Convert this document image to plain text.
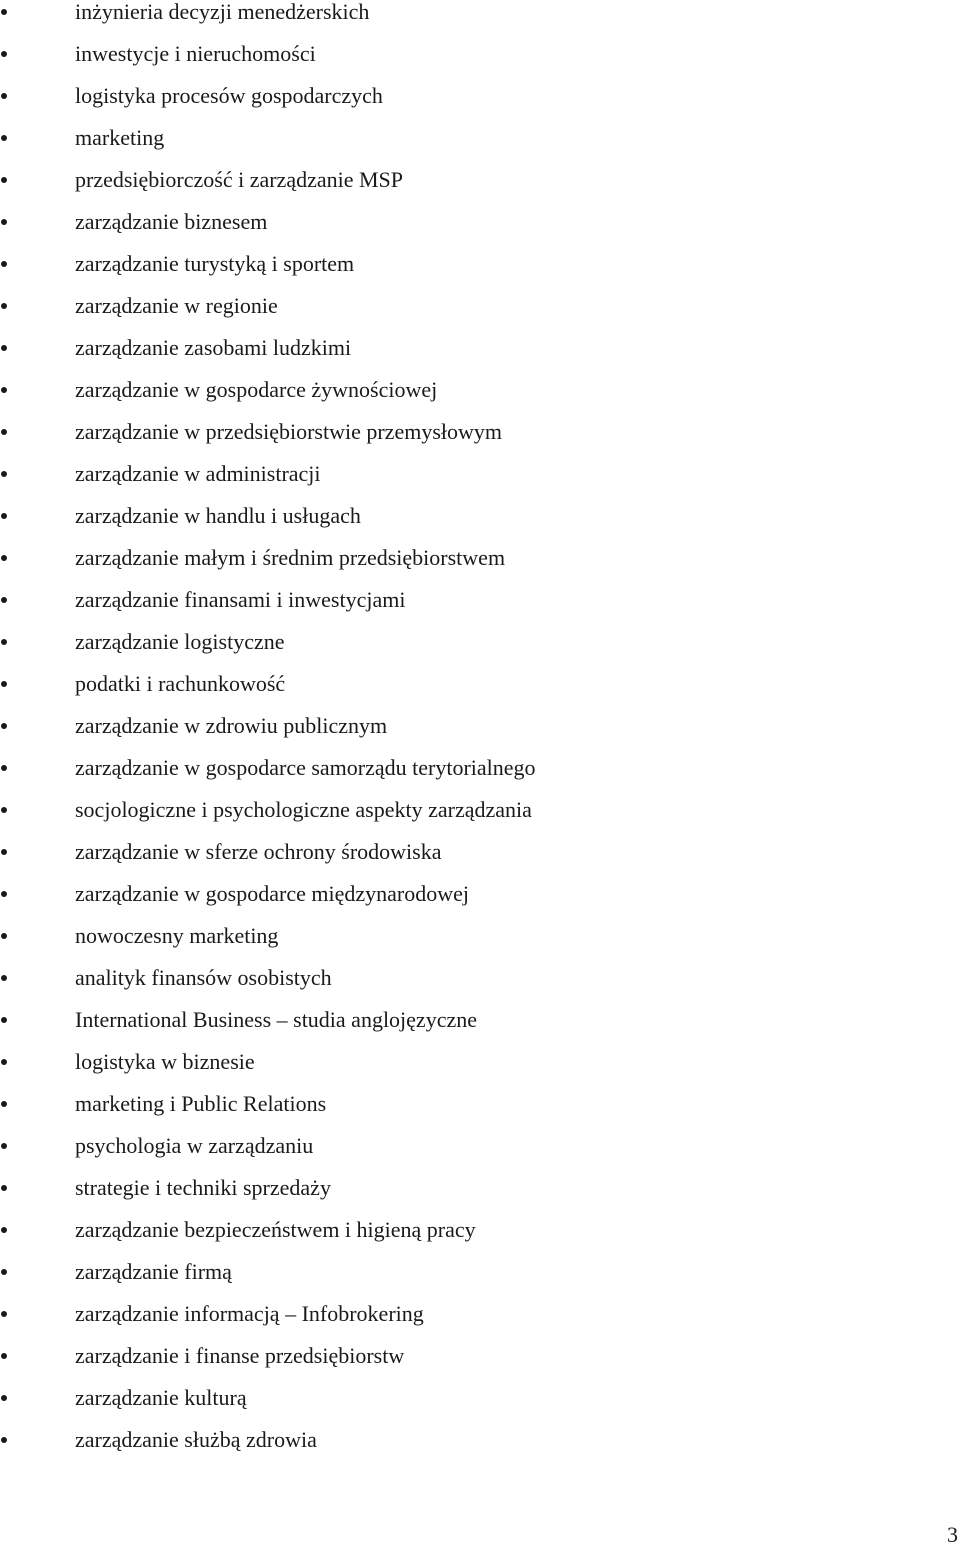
inżynieria decyzji menedżerskich
inwestycje i nieruchomości
logistyka procesów gospodarczych
marketing
przedsiębiorczość i zarządzanie MSP
zarządzanie biznesem
zarządzanie turystyką i sportem
zarządzanie w regionie
zarządzanie zasobami ludzkimi
zarządzanie w gospodarce żywnościowej
zarządzanie w przedsiębiorstwie przemysłowym
zarządzanie w administracji
zarządzanie w handlu i usługach
zarządzanie małym i średnim przedsiębiorstwem
zarządzanie finansami i inwestycjami
zarządzanie logistyczne
podatki i rachunkowość
zarządzanie w zdrowiu publicznym
zarządzanie w gospodarce samorządu terytorialnego
socjologiczne i psychologiczne aspekty zarządzania
zarządzanie w sferze ochrony środowiska
zarządzanie w gospodarce międzynarodowej
nowoczesny marketing
analityk finansów osobistych
International Business – studia anglojęzyczne
logistyka w biznesie
marketing i Public Relations
psychologia w zarządzaniu
strategie i techniki sprzedaży
zarządzanie bezpieczeństwem i higieną pracy
zarządzanie firmą
zarządzanie informacją – Infobrokering
zarządzanie i finanse przedsiębiorstw
zarządzanie kulturą
zarządzanie służbą zdrowia
3
